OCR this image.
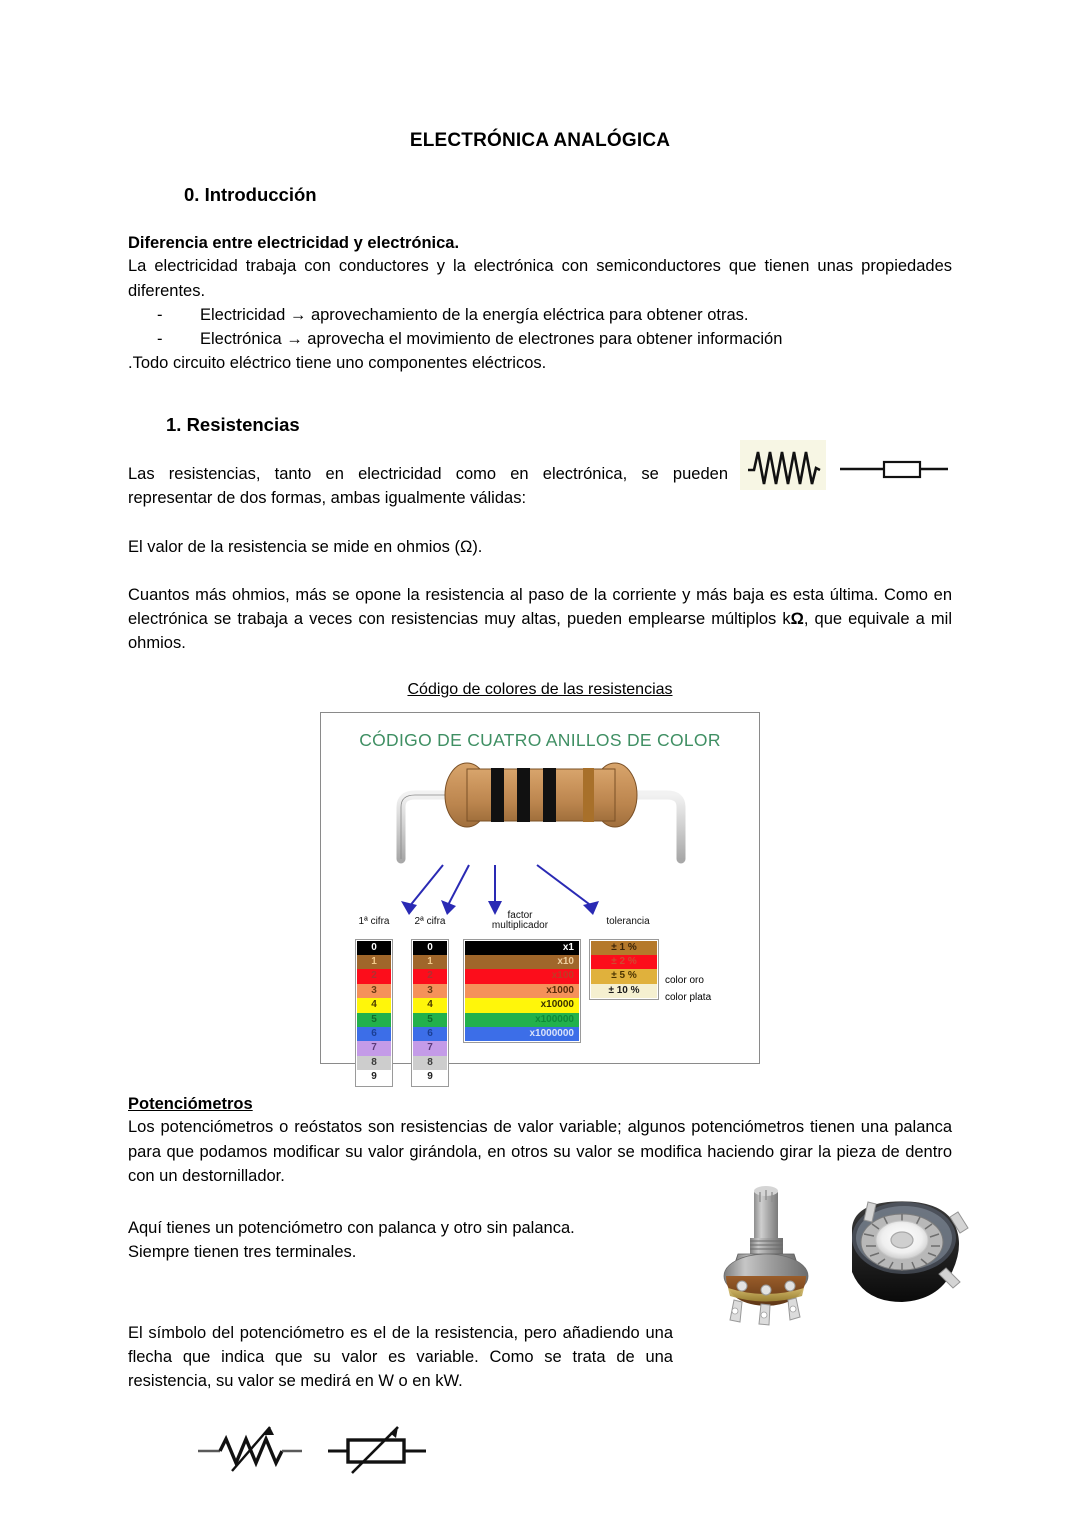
ELECTRÓNICA ANALÓGICA
0. Introducción
Diferencia entre electricidad y electrónica.

La electricidad trabaja con conductores y la electrónica con semiconductores que tienen unas propiedades diferentes.

- Electricidad → aprovechamiento de la energía eléctrica para obtener otras.
- Electrónica → aprovecha el movimiento de electrones para obtener información

.Todo circuito eléctrico tiene uno componentes eléctricos.

1. Resistencias

Las resistencias, tanto en electricidad como en electrónica, se pueden representar de dos formas, ambas igualmente válidas:

El valor de la resistencia se mide en ohmios (Ω).

Cuantos más ohmios, más se opone la resistencia al paso de la corriente y más baja es esta última. Como en electrónica se trabaja a veces con resistencias muy altas, pueden emplearse múltiplos kΩ, que equivale a mil ohmios.

Código de colores de las resistencias

CÓDIGO DE CUATRO ANILLOS DE COLOR
1ª cifra	2ª cifra
factor
multiplicador	tolerancia
0
1
2
3
4
5
6
7
8
9
0
1
2
3
4
5
6
7
8
9
x1
x10
x100
x1000
x10000
x100000
x1000000
± 1 %
± 2 %
± 5 %
± 10 %

color oro
color plata
Potenciómetros

Los potenciómetros o reóstatos son resistencias de valor variable; algunos potenciómetros tienen una palanca para que podamos modificar su valor girándola, en otros su valor se modifica haciendo girar la pieza de dentro con un destornillador.

Aquí tienes un potenciómetro con palanca y otro sin palanca.

Siempre tienen tres terminales.

El símbolo del potenciómetro es el de la resistencia, pero añadiendo una flecha que indica que su valor es variable. Como se trata de una resistencia, su valor se medirá en W o en kW.
